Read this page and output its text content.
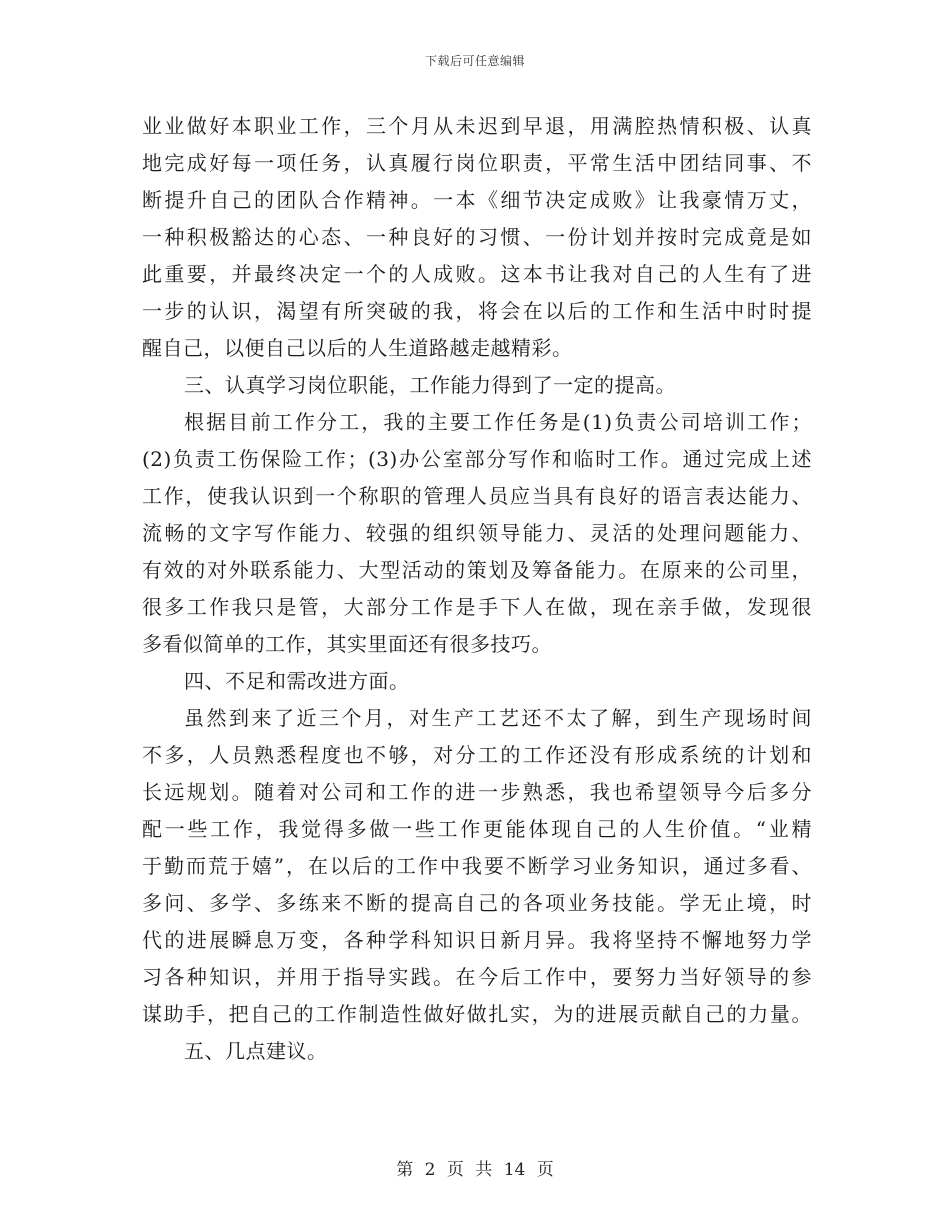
下载后可任意编辑
业业做好本职业工作，三个月从未迟到早退，用满腔热情积极、认真
地完成好每一项任务，认真履行岗位职责，平常生活中团结同事、不
断提升自己的团队合作精神。一本《细节决定成败》让我豪情万丈，
一种积极豁达的心态、一种良好的习惯、一份计划并按时完成竟是如
此重要，并最终决定一个的人成败。这本书让我对自己的人生有了进
一步的认识，渴望有所突破的我，将会在以后的工作和生活中时时提
醒自己，以便自己以后的人生道路越走越精彩。
三、认真学习岗位职能，工作能力得到了一定的提高。
根据目前工作分工，我的主要工作任务是(1)负责公司培训工作；
(2)负责工伤保险工作；(3)办公室部分写作和临时工作。通过完成上述
工作，使我认识到一个称职的管理人员应当具有良好的语言表达能力、
流畅的文字写作能力、较强的组织领导能力、灵活的处理问题能力、
有效的对外联系能力、大型活动的策划及筹备能力。在原来的公司里，
很多工作我只是管，大部分工作是手下人在做，现在亲手做，发现很
多看似简单的工作，其实里面还有很多技巧。
四、不足和需改进方面。
虽然到来了近三个月，对生产工艺还不太了解，到生产现场时间
不多，人员熟悉程度也不够，对分工的工作还没有形成系统的计划和
长远规划。随着对公司和工作的进一步熟悉，我也希望领导今后多分
配一些工作，我觉得多做一些工作更能体现自己的人生价值。“业精
于勤而荒于嬉”，在以后的工作中我要不断学习业务知识，通过多看、
多问、多学、多练来不断的提高自己的各项业务技能。学无止境，时
代的进展瞬息万变，各种学科知识日新月异。我将坚持不懈地努力学
习各种知识，并用于指导实践。在今后工作中，要努力当好领导的参
谋助手，把自己的工作制造性做好做扎实，为的进展贡献自己的力量。
五、几点建议。
第 2 页 共 14 页
